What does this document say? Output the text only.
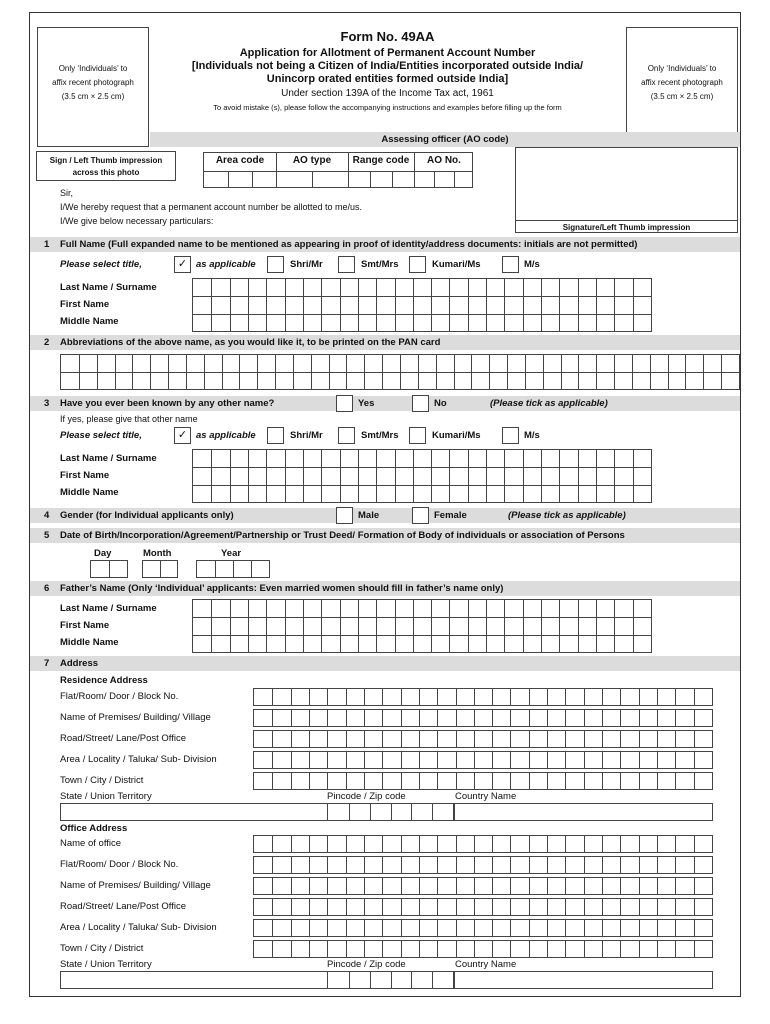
Only ‘Individuals’ to
affix recent photograph
(3.5 cm × 2.5 cm)
Only ‘Individuals’ to
affix recent photograph
(3.5 cm × 2.5 cm)
Form No. 49AA
Application for Allotment of Permanent Account Number
[Individuals not being a Citizen of India/Entities incorporated outside India/
Unincorp orated entities formed outside India]
Under section 139A of the Income Tax act, 1961
To avoid mistake (s), please follow the accompanying instructions and examples before filling up the form
Assessing officer (AO code)
Sign / Left Thumb impression
across this photo
Area code	AO type	Range code	AO No.
Signature/Left Thumb impression
Sir,
I/We hereby request that a permanent account number be allotted to me/us.
I/We give below necessary particulars:
1 Full Name (Full expanded name to be mentioned as appearing in proof of identity/address documents: initials are not permitted)
Please select title,	✓ as applicable	Shri/Mr	Smt/Mrs	Kumari/Ms	M/s
Last Name / Surname
First Name
Middle Name
2 Abbreviations of the above name, as you would like it, to be printed on the PAN card
3 Have you ever been known by any other name?	Yes	No	(Please tick as applicable)
If yes, please give that other name
Please select title,	✓ as applicable	Shri/Mr	Smt/Mrs	Kumari/Ms	M/s
Last Name / Surname
First Name
Middle Name
4 Gender (for Individual applicants only)	Male	Female	(Please tick as applicable)
5 Date of Birth/Incorporation/Agreement/Partnership or Trust Deed/ Formation of Body of individuals or association of Persons
Day	Month	Year
6 Father’s Name (Only ‘Individual’ applicants: Even married women should fill in father’s name only)
Last Name / Surname
First Name
Middle Name
7 Address
Residence Address
Flat/Room/ Door / Block No.
Name of Premises/ Building/ Village
Road/Street/ Lane/Post Office
Area / Locality / Taluka/ Sub- Division
Town / City / District
State / Union Territory	Pincode / Zip code	Country Name
Office Address
Name of office
Flat/Room/ Door / Block No.
Name of Premises/ Building/ Village
Road/Street/ Lane/Post Office
Area / Locality / Taluka/ Sub- Division
Town / City / District
State / Union Territory	Pincode / Zip code	Country Name
